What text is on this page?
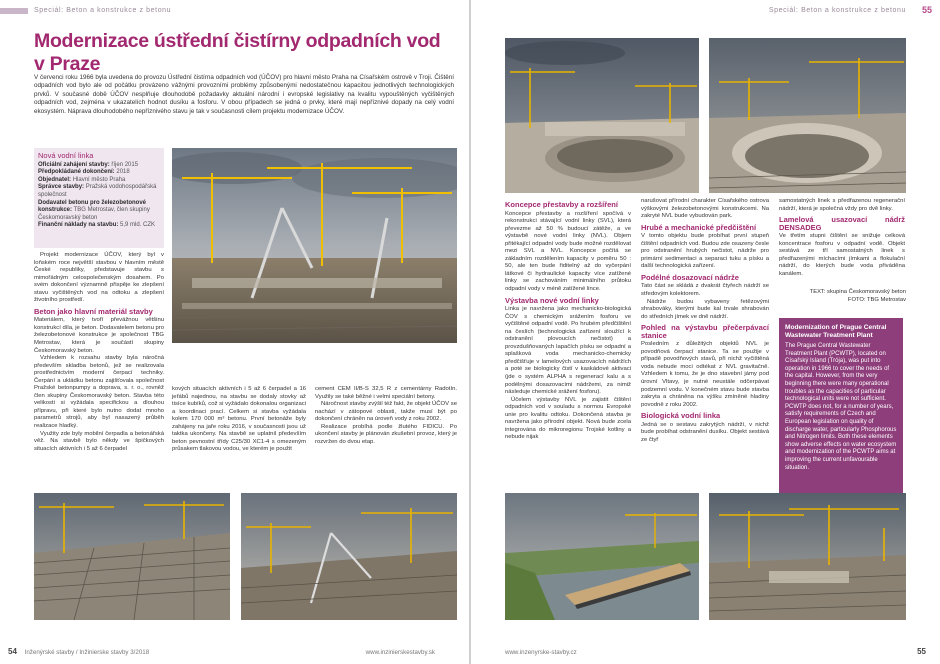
Speciál: Beton a konstrukce z betonu
Modernizace ústřední čistírny odpadních vod v Praze

V červenci roku 1966 byla uvedena do provozu Ústřední čistírna odpadních vod (ÚČOV) pro hlavní město Praha na Císařském ostrově v Troji. Čištění odpadních vod bylo ale od počátku provázeno vážnými provozními problémy způsobenými nedostatečnou kapacitou jednotlivých technologických prvků. V současné době ÚČOV nesplňuje dlouhodobě požadavky aktuální národní i evropské legislativy na kvalitu vypouštěných vyčištěných odpadních vod, zejména v ukazatelích hodnot dusíku a fosforu. V obou případech se jedná o prvky, které mají nepříznivé dopady na celý vodní ekosystém. Náprava dlouhodobého nepříznivého stavu je tak v současnosti cílem projektu modernizace ÚČOV.

Nová vodní linka
Oficiální zahájení stavby: říjen 2015
Předpokládané dokončení: 2018
Objednatel: Hlavní město Praha
Správce stavby: Pražská vodohospodářská společnost
Dodavatel betonu pro železobetonové konstrukce: TBG Metrostav, člen skupiny Českomoravský beton
Finanční náklady na stavbu: 5,9 mld. CZK

Projekt modernizace ÚČOV, který byl v loňském roce největší stavbou v hlavním městě České republiky, představuje stavbu s mimořádným celospolečenským dosahem. Po svém dokončení významně přispěje ke zlepšení stavu vyčištěných vod na odtoku a zlepšení životního prostředí.

Beton jako hlavní materiál stavby

Materiálem, který tvoří převážnou většinu konstrukcí díla, je beton. Dodavatelem betonu pro železobetonové konstrukce je společnost TBG Metrostav, která je součástí skupiny Českomoravský beton.

Vzhledem k rozsahu stavby byla náročná především skladba betonů, jež se realizovala prostřednictvím moderní čerpací techniky. Čerpání a ukládku betonu zajišťovala společnost Pražské betonpumpy a doprava, s. r. o., rovněž člen skupiny Českomoravský beton. Stavba této velikosti si vyžádala specifickou a dlouhou přípravu, při které bylo nutno dodat mnoho parametrů strojů, aby byl nasazený průběh realizace hladký.

Využity zde byly mobilní čerpadla a betonářská věž. Na stavbě bylo někdy ve špičkových situacích aktivních i 5 až 6 čerpadel

kových situacích aktivních i 5 až 6 čerpadel a 16 jeřábů najednou, na stavbu se dodaly stovky až tisíce kubíků, což si vyžádalo dokonalou organizaci a koordinaci prací. Celkem si stavba vyžádala kolem 170 000 m³ betonu. První betonáže byly zahájeny na jaře roku 2016, v současnosti jsou už taktka ukončeny. Na stavbě se uplatnil především beton pevnostní třídy C25/30 XC1-4 s omezeným průsakem tlakovou vodou, ve kterém je použit

cement CEM II/B-S 32,5 R z cementárny Radotín. Využily se také běžné i velmi speciální betony.

Náročnost stavby zvýšil též fakt, že objekt ÚČOV se nachází v zátopové oblasti, takže musí být po dokončení chráněn na úroveň vody z roku 2002.

Realizace probíhá podle žlutého FIDICU. Po ukončení stavby je plánován zkušební provoz, který je rozvržen do dvou etap.

54 Inženýrské stavby / Inžinierske stavby 3/2018	www.inzinierskestavby.sk
Speciál: Beton a konstrukce z betonu 55
Koncepce přestavby a rozšíření

Koncepce přestavby a rozšíření spočívá v rekonstrukci stávající vodní linky (SVL), která převezme až 50 % budoucí zátěže, a ve výstavbě nové vodní linky (NVL). Objem přitékající odpadní vody bude možné rozdělovat mezi SVL a NVL. Koncepce počítá se základním rozdělením kapacity v poměru 50 : 50, ale ten bude řiditelný až do vyčerpání látkové či hydraulické kapacity více zatížené linky se zachováním minimálního průtoku odpadní vody v méně zatížené lince.

Výstavba nové vodní linky

Linka je navržena jako mechanicko-biologická ČOV s chemickým srážením fosforu ve vyčištěné odpadní vodě. Po hrubém předčištění na česlích (technologická zařízení sloužící k odstranění plovoucích nečistot) a provzdušňovaných lapačích písku se odpadní a splašková voda mechanicko-chemicky předčišťuje v lamelových usazovacích nádržích a poté se biologicky čistí v kaskádové aktivaci (jde o systém ALPHA s regenerací kalu a s podélnými dosazovacími nádržemi, za nimiž následuje chemické srážení fosforu).

Účelem výstavby NVL je zajistit čištění odpadních vod v souladu s normou Evropské unie pro kvalitu odtoku. Dokončená stavba je navržena jako přírodní objekt. Nová bude zcela integrována do mikroregionu Trojské kotliny a nebude nijak

narušovat přírodní charakter Císařského ostrova výškovými železobetonovými konstrukcemi. Na zakryté NVL bude vybudován park.

Hrubé a mechanické předčištění

V tomto objektu bude probíhat první stupeň čištění odpadních vod. Budou zde osazeny česle pro odstranění hrubých nečistot, nádrže pro primární sedimentaci a separaci tuku a písku a další technologická zařízení.

Podélné dosazovací nádrže

Tato část se skládá z dvakrát čtyřech nádrží se středovým kolektorem.

Nádrže budou vybaveny řetězovými shrabováky, kterými bude kal trvale shrabován do středních jímek ve dně nádrží.

Pohled na výstavbu přečerpávací stanice

Posledním z důležitých objektů NVL je povodňová čerpací stanice. Ta se použije v případě povodňových stavů, při nichž vyčištěná voda nebude moci odtékat z NVL gravitačně. Vzhledem k tomu, že je dno stavební jámy pod úrovní Vltavy, je nutné neustále odčerpávat podzemní vodu. V konečném stavu bude stavba zakryta a chráněna na výšku zmíněné hladiny povodně z roku 2002.

Biologická vodní linka

Jedná se o sestavu zakrytých nádrží, v nichž bude probíhat odstranění dusíku. Objekt sestává ze čtyř

samostatných linek s předřazenou regenerační nádrží, která je společná vždy pro dvě linky.

Lamelová usazovací nádrž DENSADEG

Ve třetím stupni čištění se snižuje celková koncentrace fosforu v odpadní vodě. Objekt sestává ze tří samostatných linek s předřazenými míchacími jímkami a flokulační nádrží, do kterých bude voda přiváděna kanálem.

TEXT: skupina Českomoravský beton
FOTO: TBG Metrostav
Modernization of Prague Central Wastewater Treatment Plant
The Prague Central Wastewater Treatment Plant (PCWTP), located on Císařský Island (Trója), was put into operation in 1966 to cover the needs of the capital. However, from the very beginning there were many operational troubles as the capacities of particular technological units were not sufficient. PCWTP does not, for a number of years, satisfy requirements of Czech and European legislation on quality of discharge water, particularly Phosphorous and Nitrogen limits. Both these elements show adverse effects on water ecosystem and modernization of the PCWTP aims at improving the current unfavourable situation.
www.inzenyrske-stavby.cz	55
